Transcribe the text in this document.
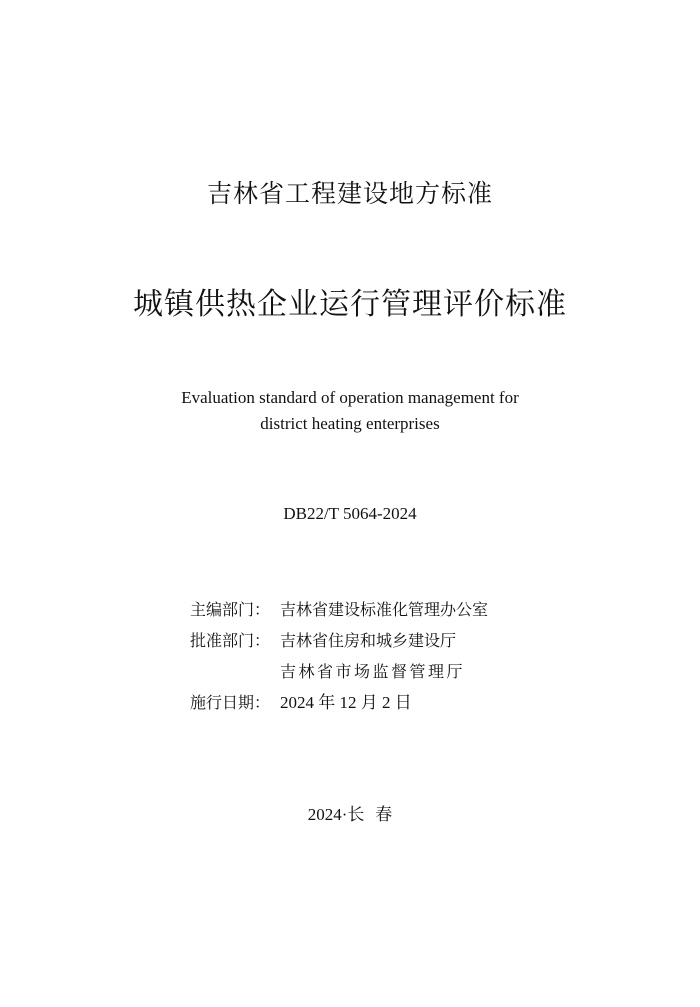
吉林省工程建设地方标准
城镇供热企业运行管理评价标准
Evaluation standard of operation management for
district heating enterprises
DB22/T 5064-2024
主编部门： 吉林省建设标准化管理办公室
批准部门： 吉林省住房和城乡建设厅
吉林省市场监督管理厅
施行日期： 2024 年 12 月 2 日
2024·长  春
